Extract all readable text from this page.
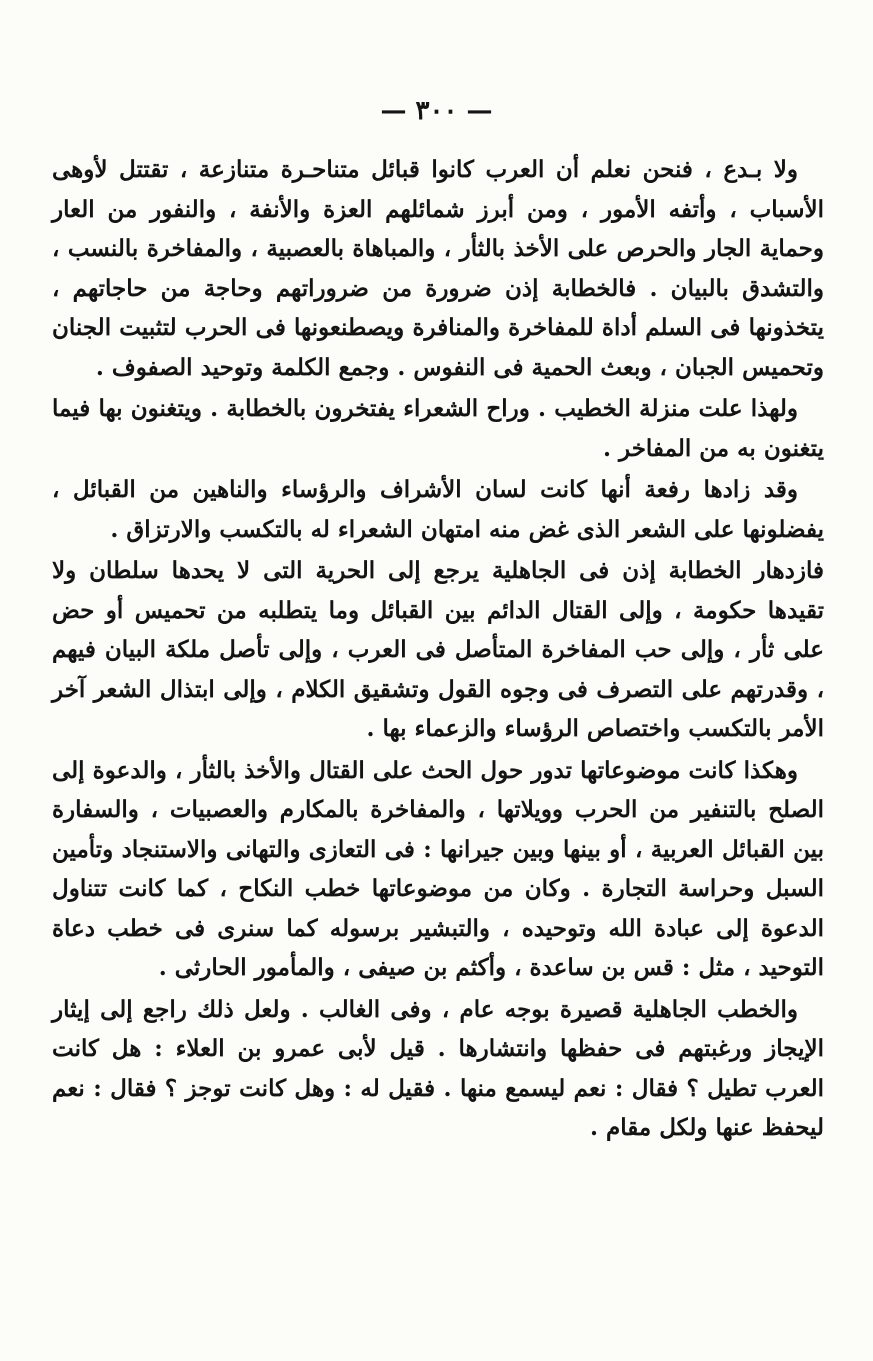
— ٣٠٠ —

ولا بـدع ، فنحن نعلم أن العرب كانوا قبائل متناحـرة متنازعة ، تقتتل لأوهى الأسباب ، وأتفه الأمور ، ومن أبرز شمائلهم العزة والأنفة ، والنفور من العار وحماية الجار والحرص على الأخذ بالثأر ، والمباهاة بالعصبية ، والمفاخرة بالنسب ، والتشدق بالبيان . فالخطابة إذن ضرورة من ضروراتهم وحاجة من حاجاتهم ، يتخذونها فى السلم أداة للمفاخرة والمنافرة ويصطنعونها فى الحرب لتثبيت الجنان وتحميس الجبان ، وبعث الحمية فى النفوس . وجمع الكلمة وتوحيد الصفوف .

ولهذا علت منزلة الخطيب . وراح الشعراء يفتخرون بالخطابة . ويتغنون بها فيما يتغنون به من المفاخر .

وقد زادها رفعة أنها كانت لسان الأشراف والرؤساء والناهين من القبائل ، يفضلونها على الشعر الذى غض منه امتهان الشعراء له بالتكسب والارتزاق .

فازدهار الخطابة إذن فى الجاهلية يرجع إلى الحرية التى لا يحدها سلطان ولا تقيدها حكومة ، وإلى القتال الدائم بين القبائل وما يتطلبه من تحميس أو حض على ثأر ، وإلى حب المفاخرة المتأصل فى العرب ، وإلى تأصل ملكة البيان فيهم ، وقدرتهم على التصرف فى وجوه القول وتشقيق الكلام ، وإلى ابتذال الشعر آخر الأمر بالتكسب واختصاص الرؤساء والزعماء بها .

وهكذا كانت موضوعاتها تدور حول الحث على القتال والأخذ بالثأر ، والدعوة إلى الصلح بالتنفير من الحرب وويلاتها ، والمفاخرة بالمكارم والعصبيات ، والسفارة بين القبائل العربية ، أو بينها وبين جيرانها : فى التعازى والتهانى والاستنجاد وتأمين السبل وحراسة التجارة . وكان من موضوعاتها خطب النكاح ، كما كانت تتناول الدعوة إلى عبادة الله وتوحيده ، والتبشير برسوله كما سنرى فى خطب دعاة التوحيد ، مثل : قس بن ساعدة ، وأكثم بن صيفى ، والمأمور الحارثى .

والخطب الجاهلية قصيرة بوجه عام ، وفى الغالب . ولعل ذلك راجع إلى إيثار الإيجاز ورغبتهم فى حفظها وانتشارها . قيل لأبى عمرو بن العلاء : هل كانت العرب تطيل ؟ فقال : نعم ليسمع منها . فقيل له : وهل كانت توجز ؟ فقال : نعم ليحفظ عنها ولكل مقام .
